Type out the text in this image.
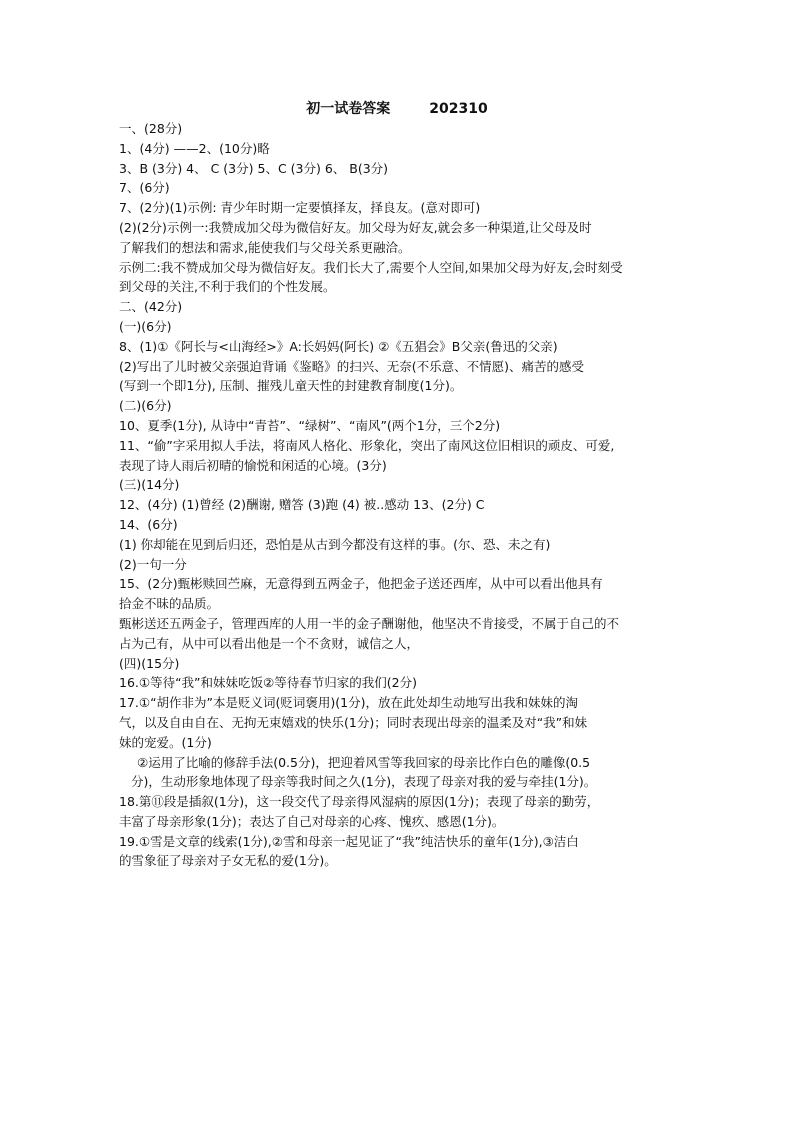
初一试卷答案        202310
一、(28分)
1、(4分) ——2、(10分)略
3、B (3分) 4、 C (3分) 5、C (3分) 6、 B(3分)
7、(6分)
7、(2分)(1)示例: 青少年时期一定要慎择友，择良友。(意对即可)
(2)(2分)示例一:我赞成加父母为微信好友。加父母为好友,就会多一种渠道,让父母及时
了解我们的想法和需求,能使我们与父母关系更融洽。
示例二:我不赞成加父母为微信好友。我们长大了,需要个人空间,如果加父母为好友,会时刻受
到父母的关注,不利于我们的个性发展。
二、(42分)
(一)(6分)
8、(1)①《阿长与<山海经>》A:长妈妈(阿长) ②《五猖会》B父亲(鲁迅的父亲)
(2)写出了儿时被父亲强迫背诵《鉴略》的扫兴、无奈(不乐意、不情愿)、痛苦的感受
(写到一个即1分), 压制、摧残儿童天性的封建教育制度(1分)。
(二)(6分)
10、夏季(1分), 从诗中“青苔”、“绿树”、“南风”(两个1分，三个2分)
11、“偷”字采用拟人手法，将南风人格化、形象化，突出了南风这位旧相识的顽皮、可爱,
表现了诗人雨后初晴的愉悦和闲适的心境。(3分)
(三)(14分)
12、(4分) (1)曾经 (2)酬谢, 赠答 (3)跑 (4) 被..感动 13、(2分) C
14、(6分)
(1) 你却能在见到后归还，恐怕是从古到今都没有这样的事。(尔、恐、未之有)
(2)一句一分
15、(2分)甄彬赎回苎麻，无意得到五两金子，他把金子送还西库，从中可以看出他具有
拾金不昧的品质。
甄彬送还五两金子，管理西库的人用一半的金子酬谢他，他坚决不肯接受，不属于自己的不
占为己有，从中可以看出他是一个不贪财，诚信之人，
(四)(15分)
16.①等待“我”和妹妹吃饭②等待春节归家的我们(2分)
17.①“胡作非为”本是贬义词(贬词褒用)(1分)，放在此处却生动地写出我和妹妹的淘
气，以及自由自在、无拘无束嬉戏的快乐(1分)；同时表现出母亲的温柔及对“我”和妹
妹的宠爱。(1分)
②运用了比喻的修辞手法(0.5分)，把迎着风雪等我回家的母亲比作白色的雕像(0.5
分)，生动形象地体现了母亲等我时间之久(1分)，表现了母亲对我的爱与牵挂(1分)。
18.第⑪段是插叙(1分)，这一段交代了母亲得风湿病的原因(1分)；表现了母亲的勤劳，
丰富了母亲形象(1分)；表达了自己对母亲的心疼、愧疚、感恩(1分)。
19.①雪是文章的线索(1分),②雪和母亲一起见证了“我”纯洁快乐的童年(1分),③洁白
的雪象征了母亲对子女无私的爱(1分)。
